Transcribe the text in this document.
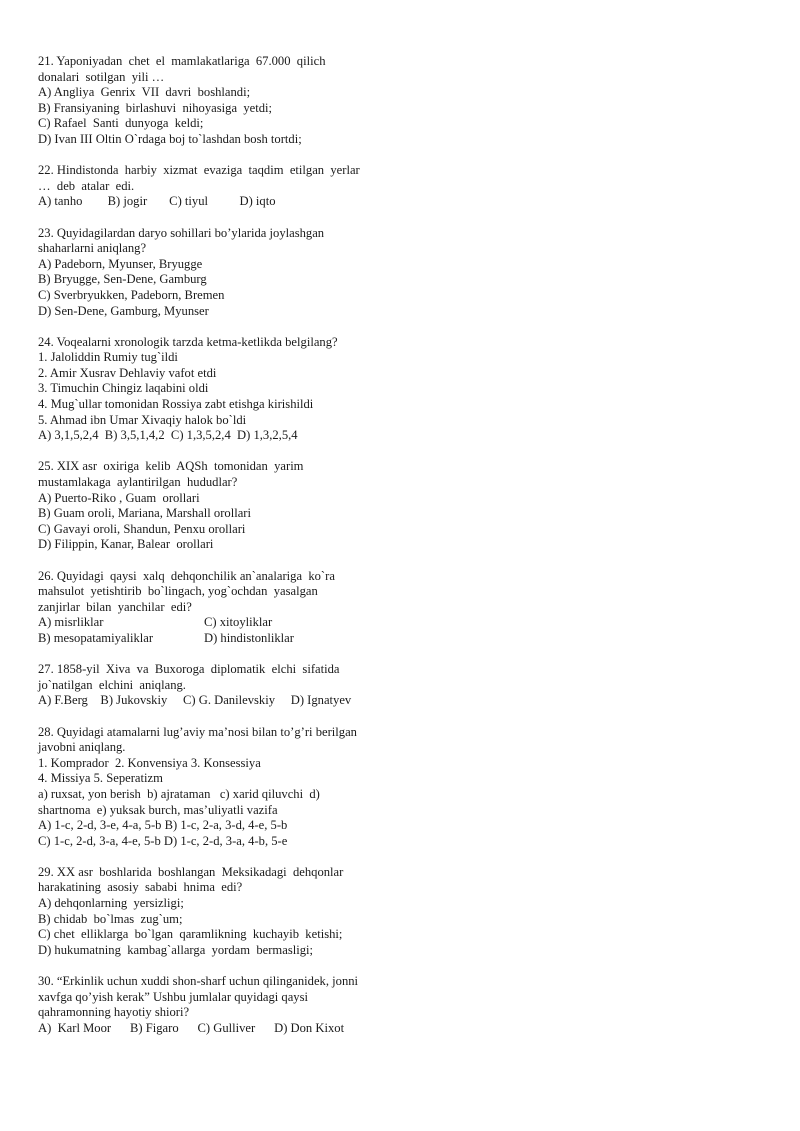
21. Yaponiyadan  chet  el  mamlakatlariga  67.000  qilich

donalari  sotilgan  yili …

A) Angliya  Genrix  VII  davri  boshlandi;

B) Fransiyaning  birlashuvi  nihoyasiga  yetdi;

C) Rafael  Santi  dunyoga  keldi;

D) Ivan III Oltin O`rdaga boj to`lashdan bosh tortdi;

22. Hindistonda  harbiy  xizmat  evaziga  taqdim  etilgan  yerlar

…  deb  atalar  edi.

A) tanho        B) jogir       C) tiyul          D) iqto

23. Quyidagilardan daryo sohillari bo’ylarida joylashgan

shaharlarni aniqlang?

A) Padeborn, Myunser, Bryugge

B) Bryugge, Sen-Dene, Gamburg

C) Sverbryukken, Padeborn, Bremen

D) Sen-Dene, Gamburg, Myunser

24. Voqealarni xronologik tarzda ketma-ketlikda belgilang?

1. Jaloliddin Rumiy tug`ildi

2. Amir Xusrav Dehlaviy vafot etdi

3. Timuchin Chingiz laqabini oldi

4. Mug`ullar tomonidan Rossiya zabt etishga kirishildi

5. Ahmad ibn Umar Xivaqiy halok bo`ldi

A) 3,1,5,2,4  B) 3,5,1,4,2  C) 1,3,5,2,4  D) 1,3,2,5,4

25. XIX asr  oxiriga  kelib  AQSh  tomonidan  yarim

mustamlakaga  aylantirilgan  hududlar?

A) Puerto-Riko , Guam  orollari

B) Guam oroli, Mariana, Marshall orollari

C) Gavayi oroli, Shandun, Penxu orollari

D) Filippin, Kanar, Balear  orollari

26. Quyidagi  qaysi  xalq  dehqonchilik an`analariga  ko`ra

mahsulot  yetishtirib  bo`lingach, yog`ochdan  yasalgan

zanjirlar  bilan  yanchilar  edi?

A) misrliklar	C) xitoyliklar
B) mesopatamiyaliklar	D) hindistonliklar

27. 1858-yil  Xiva  va  Buxoroga  diplomatik  elchi  sifatida

jo`natilgan  elchini  aniqlang.

A) F.Berg    B) Jukovskiy     C) G. Danilevskiy     D) Ignatyev

28. Quyidagi atamalarni lug’aviy ma’nosi bilan to’g’ri berilgan

javobni aniqlang.

1. Komprador  2. Konvensiya 3. Konsessiya

4. Missiya 5. Seperatizm

a) ruxsat, yon berish  b) ajrataman   c) xarid qiluvchi  d)

shartnoma  e) yuksak burch, mas’uliyatli vazifa

A) 1-c, 2-d, 3-e, 4-a, 5-b B) 1-c, 2-a, 3-d, 4-e, 5-b

C) 1-c, 2-d, 3-a, 4-e, 5-b D) 1-c, 2-d, 3-a, 4-b, 5-e

29. XX asr  boshlarida  boshlangan  Meksikadagi  dehqonlar

harakatining  asosiy  sababi  hnima  edi?

A) dehqonlarning  yersizligi;

B) chidab  bo`lmas  zug`um;

C) chet  elliklarga  bo`lgan  qaramlikning  kuchayib  ketishi;

D) hukumatning  kambag`allarga  yordam  bermasligi;

30. “Erkinlik uchun xuddi shon-sharf uchun qilinganidek, jonni

xavfga qo’yish kerak” Ushbu jumlalar quyidagi qaysi

qahramonning hayotiy shiori?

A)  Karl Moor      B) Figaro      C) Gulliver      D) Don Kixot
